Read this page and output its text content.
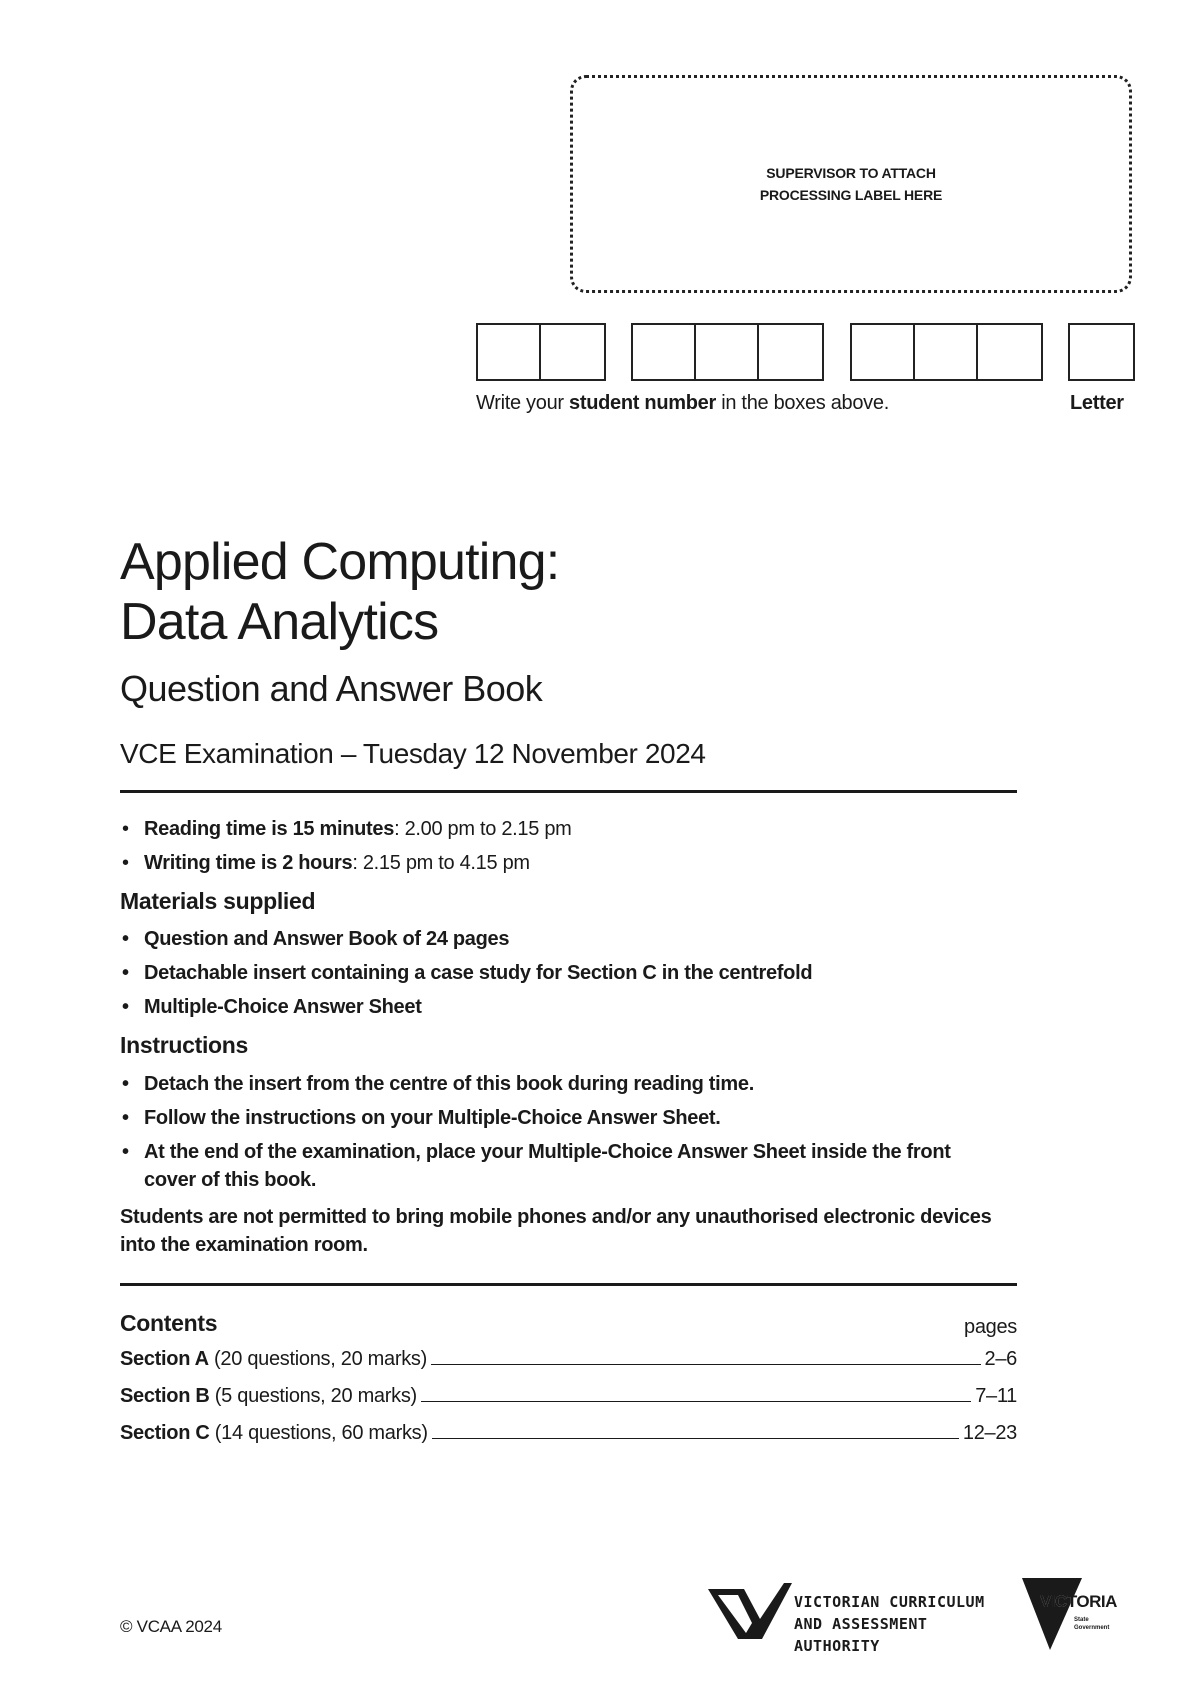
SUPERVISOR TO ATTACH
PROCESSING LABEL HERE
Write your student number in the boxes above.	Letter
Applied Computing:
Data Analytics
Question and Answer Book
VCE Examination – Tuesday 12 November 2024
• Reading time is 15 minutes: 2.00 pm to 2.15 pm
• Writing time is 2 hours: 2.15 pm to 4.15 pm
Materials supplied
• Question and Answer Book of 24 pages
• Detachable insert containing a case study for Section C in the centrefold
• Multiple-Choice Answer Sheet
Instructions
• Detach the insert from the centre of this book during reading time.
• Follow the instructions on your Multiple-Choice Answer Sheet.
• At the end of the examination, place your Multiple-Choice Answer Sheet inside the front cover of this book.
Students are not permitted to bring mobile phones and/or any unauthorised electronic devices into the examination room.
Contents	pages
Section A (20 questions, 20 marks)	2–6
Section B (5 questions, 20 marks)	7–11
Section C (14 questions, 60 marks)	12–23
© VCAA 2024
VICTORIAN CURRICULUM
AND ASSESSMENT AUTHORITY
VICTORIA
State
Government
